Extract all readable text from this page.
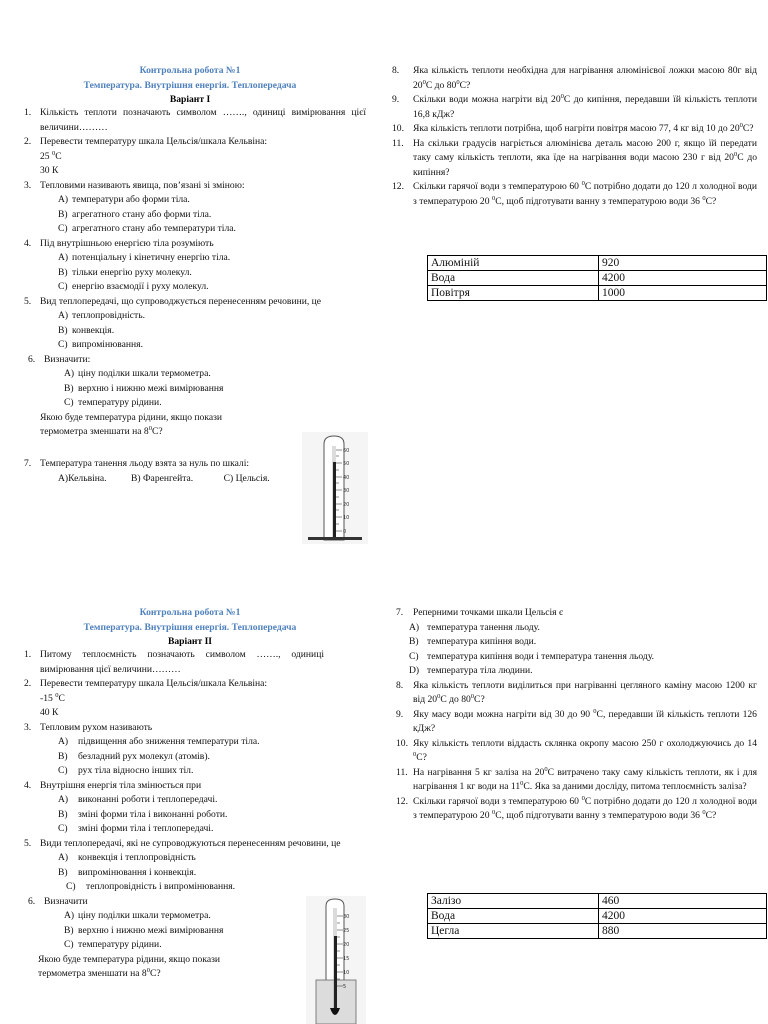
Контрольна робота №1
Температура. Внутрішня енергія. Теплопередача
Варіант I
1. Кількість теплоти позначають символом ……., одиниці вимірювання цієї величини………
2. Перевести температуру шкала Цельсія/шкала Кельвіна:
25 $^0$С
30 К
3. Тепловими називають явища, пов’язані зі зміною:
А) температури або форми тіла.
В) агрегатного стану або форми тіла.
С) агрегатного стану або температури тіла.
4. Під внутрішньою енергією тіла розуміють
А) потенціальну і кінетичну енергію тіла.
В) тільки енергію руху молекул.
С) енергію взаємодії і руху молекул.
5. Вид теплопередачі, що супроводжується перенесенням речовини, це
А) теплопровідність.
В) конвекція.
С) випромінювання.
6. Визначити:
А) ціну поділки шкали термометра.
В) верхню і нижню межі вимірювання
С) температуру рідини.
Якою буде температура рідини, якщо покази
термометра зменшати на $8^0С$?
7. Температура танення льоду взята за нуль по шкалі:
А)Кельвіна.	В) Фаренгейта.	С) Цельсія.
60
50
40
30
20
10
0
8. Яка кількість теплоти необхідна для нагрівання алюмінієвої ложки масою 80г від $20^0С$ до $80^0С$?
9. Скільки води можна нагріти від $20^0С$ до кипіння, передавши їй кількість теплоти 16,8 кДж?
10. Яка кількість теплоти потрібна, щоб нагріти повітря масою 77, 4 кг від 10 до $20^0С$?
11. На скільки градусів нагріється алюмінієва деталь масою 200 г, якщо їй передати таку саму кількість теплоти, яка їде на нагрівання води масою 230 г від $20^0С$ до кипіння?
12. Скільки гарячої води з температурою 60 $^0$С потрібно додати до 120 л холодної води з температурою 20 $^0$С, щоб підготувати ванну з температурою води 36 $^0$С?
Алюміній	920
Вода	4200
Повітря	1000
Контрольна робота №1
Температура. Внутрішня енергія. Теплопередача
Варіант II
1. Питому теплоємність позначають символом ……., одиниці вимірювання цієї величини………
2. Перевести температуру шкала Цельсія/шкала Кельвіна:
-15 $^0$С
40 К
3. Тепловим рухом називають
А) підвищення або зниження температури тіла.
В) безладний рух молекул (атомів).
С) рух тіла відносно інших тіл.
4. Внутрішня енергія тіла змінюється при
А) виконанні роботи і теплопередачі.
В) зміні форми тіла і виконанні роботи.
С) зміні форми тіла і теплопередачі.
5. Види теплопередачі, які не супроводжуються перенесенням речовини, це
А) конвекція і теплопровідність
В) випромінювання і конвекція.
С) теплопровідність і випромінювання.
6. Визначити
А) ціну поділки шкали термометра.
В) верхню і нижню межі вимірювання
С) температуру рідини.
Якою буде температура рідини, якщо покази
термометра зменшати на $8^0С$?
30
25
20
15
10
5
7. Реперними точками шкали Цельсія є
А) температура танення льоду.
В) температура кипіння води.
С) температура кипіння води і температура танення льоду.
D) температура тіла людини.
8. Яка кількість теплоти виділиться при нагріванні цегляного каміну масою 1200 кг від $20^0С$ до $80^0С$?
9. Яку масу води можна нагріти від 30 до 90 $^0$С, передавши їй кількість теплоти 126 кДж?
10. Яку кількість теплоти віддасть склянка окропу масою 250 г охолоджуючись до 14 $^0$С?
11. На нагрівання 5 кг заліза на $20^0С$ витрачено таку саму кількість теплоти, як і для нагрівання 1 кг води на $11^0С$. Яка за даними досліду, питома теплоємність заліза?
12. Скільки гарячої води з температурою 60 $^0$С потрібно додати до 120 л холодної води з температурою 20 $^0$С, щоб підготувати ванну з температурою води 36 $^0$С?
Залізо	460
Вода	4200
Цегла	880
